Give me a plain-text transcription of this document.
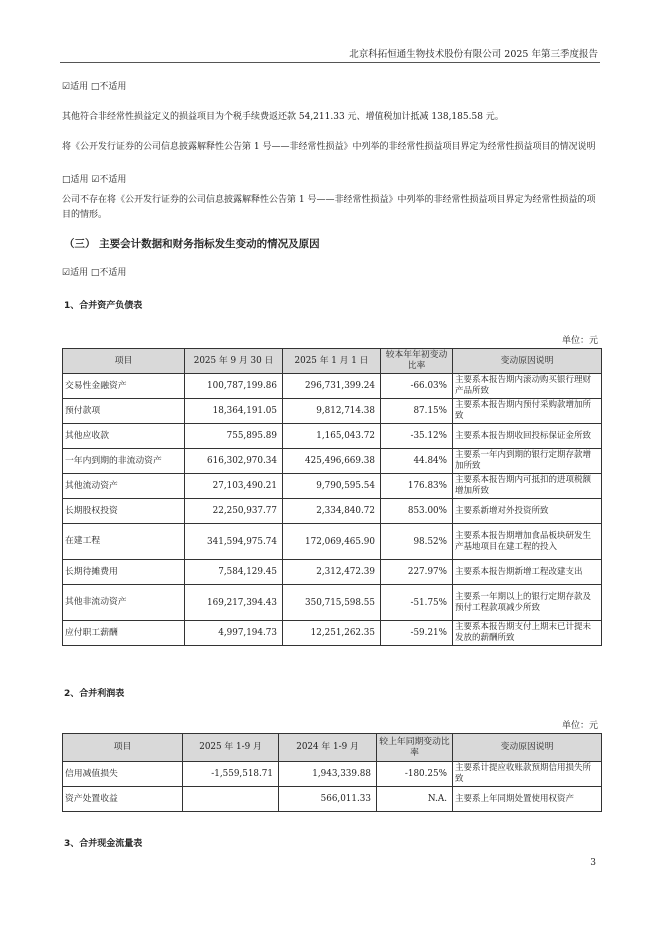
北京科拓恒通生物技术股份有限公司 2025 年第三季度报告
☑适用 □不适用
其他符合非经常性损益定义的损益项目为个税手续费返还款 54,211.33 元、增值税加计抵减 138,185.58 元。
将《公开发行证券的公司信息披露解释性公告第 1 号——非经常性损益》中列举的非经常性损益项目界定为经常性损益项目的情况说明
□适用 ☑不适用
公司不存在将《公开发行证券的公司信息披露解释性公告第 1 号——非经常性损益》中列举的非经常性损益项目界定为经常性损益的项目的情形。
（三） 主要会计数据和财务指标发生变动的情况及原因
☑适用 □不适用
1、合并资产负债表
单位：元
项目	2025 年 9 月 30 日	2025 年 1 月 1 日	较本年年初变动比率	变动原因说明
交易性金融资产	100,787,199.86	296,731,399.24	-66.03%	主要系本报告期内滚动购买银行理财产品所致
预付款项	18,364,191.05	9,812,714.38	87.15%	主要系本报告期内预付采购款增加所致
其他应收款	755,895.89	1,165,043.72	-35.12%	主要系本报告期收回投标保证金所致
一年内到期的非流动资产	616,302,970.34	425,496,669.38	44.84%	主要系一年内到期的银行定期存款增加所致
其他流动资产	27,103,490.21	9,790,595.54	176.83%	主要系本报告期内可抵扣的进项税额增加所致
长期股权投资	22,250,937.77	2,334,840.72	853.00%	主要系新增对外投资所致
在建工程	341,594,975.74	172,069,465.90	98.52%	主要系本报告期增加食品板块研发生产基地项目在建工程的投入
长期待摊费用	7,584,129.45	2,312,472.39	227.97%	主要系本报告期新增工程改建支出
其他非流动资产	169,217,394.43	350,715,598.55	-51.75%	主要系一年期以上的银行定期存款及预付工程款项减少所致
应付职工薪酬	4,997,194.73	12,251,262.35	-59.21%	主要系本报告期支付上期末已计提未发放的薪酬所致
2、合并利润表
单位：元
项目	2025 年 1-9 月	2024 年 1-9 月	较上年同期变动比率	变动原因说明
信用减值损失	-1,559,518.71	1,943,339.88	-180.25%	主要系计提应收账款预期信用损失所致
资产处置收益		566,011.33	N.A.	主要系上年同期处置使用权资产
3、合并现金流量表
3
